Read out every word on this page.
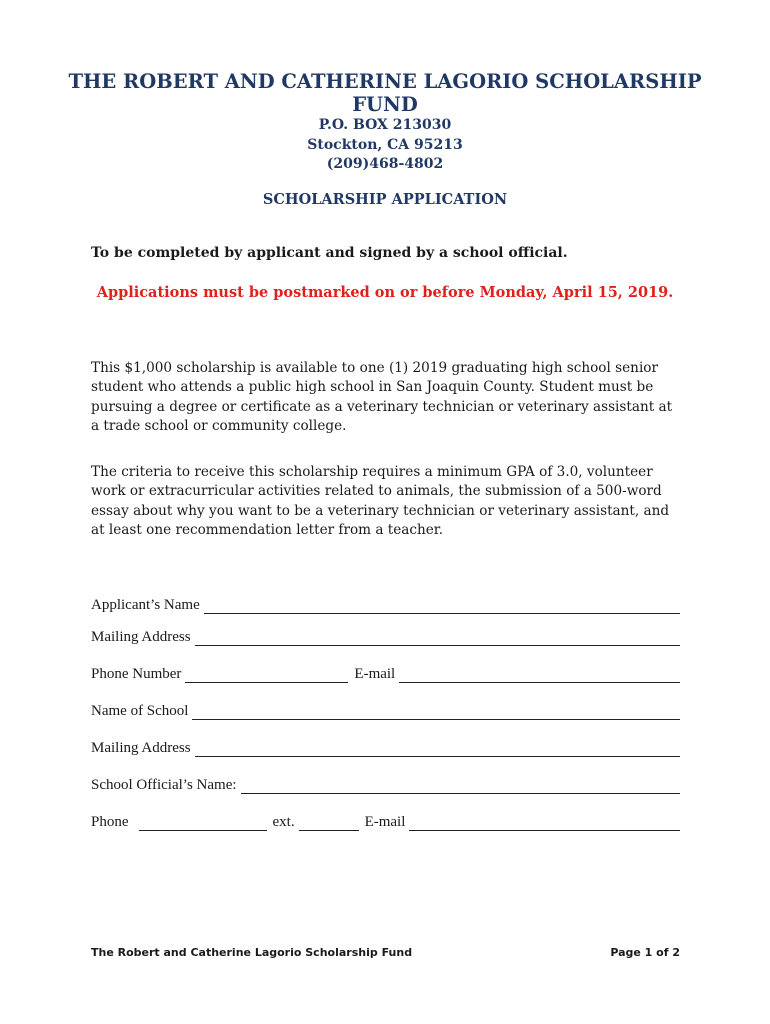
THE ROBERT AND CATHERINE LAGORIO SCHOLARSHIP
FUND
P.O. BOX 213030
Stockton, CA 95213
(209)468-4802
SCHOLARSHIP APPLICATION
To be completed by applicant and signed by a school official.
Applications must be postmarked on or before Monday, April 15, 2019.
This $1,000 scholarship is available to one (1) 2019 graduating high school senior
student who attends a public high school in San Joaquin County. Student must be
pursuing a degree or certificate as a veterinary technician or veterinary assistant at
a trade school or community college.
The criteria to receive this scholarship requires a minimum GPA of 3.0, volunteer
work or extracurricular activities related to animals, the submission of a 500-word
essay about why you want to be a veterinary technician or veterinary assistant, and
at least one recommendation letter from a teacher.
Applicant’s Name
Mailing Address
Phone Number	E-mail
Name of School
Mailing Address
School Official’s Name:
Phone	ext.	E-mail
The Robert and Catherine Lagorio Scholarship Fund	Page 1 of 2
